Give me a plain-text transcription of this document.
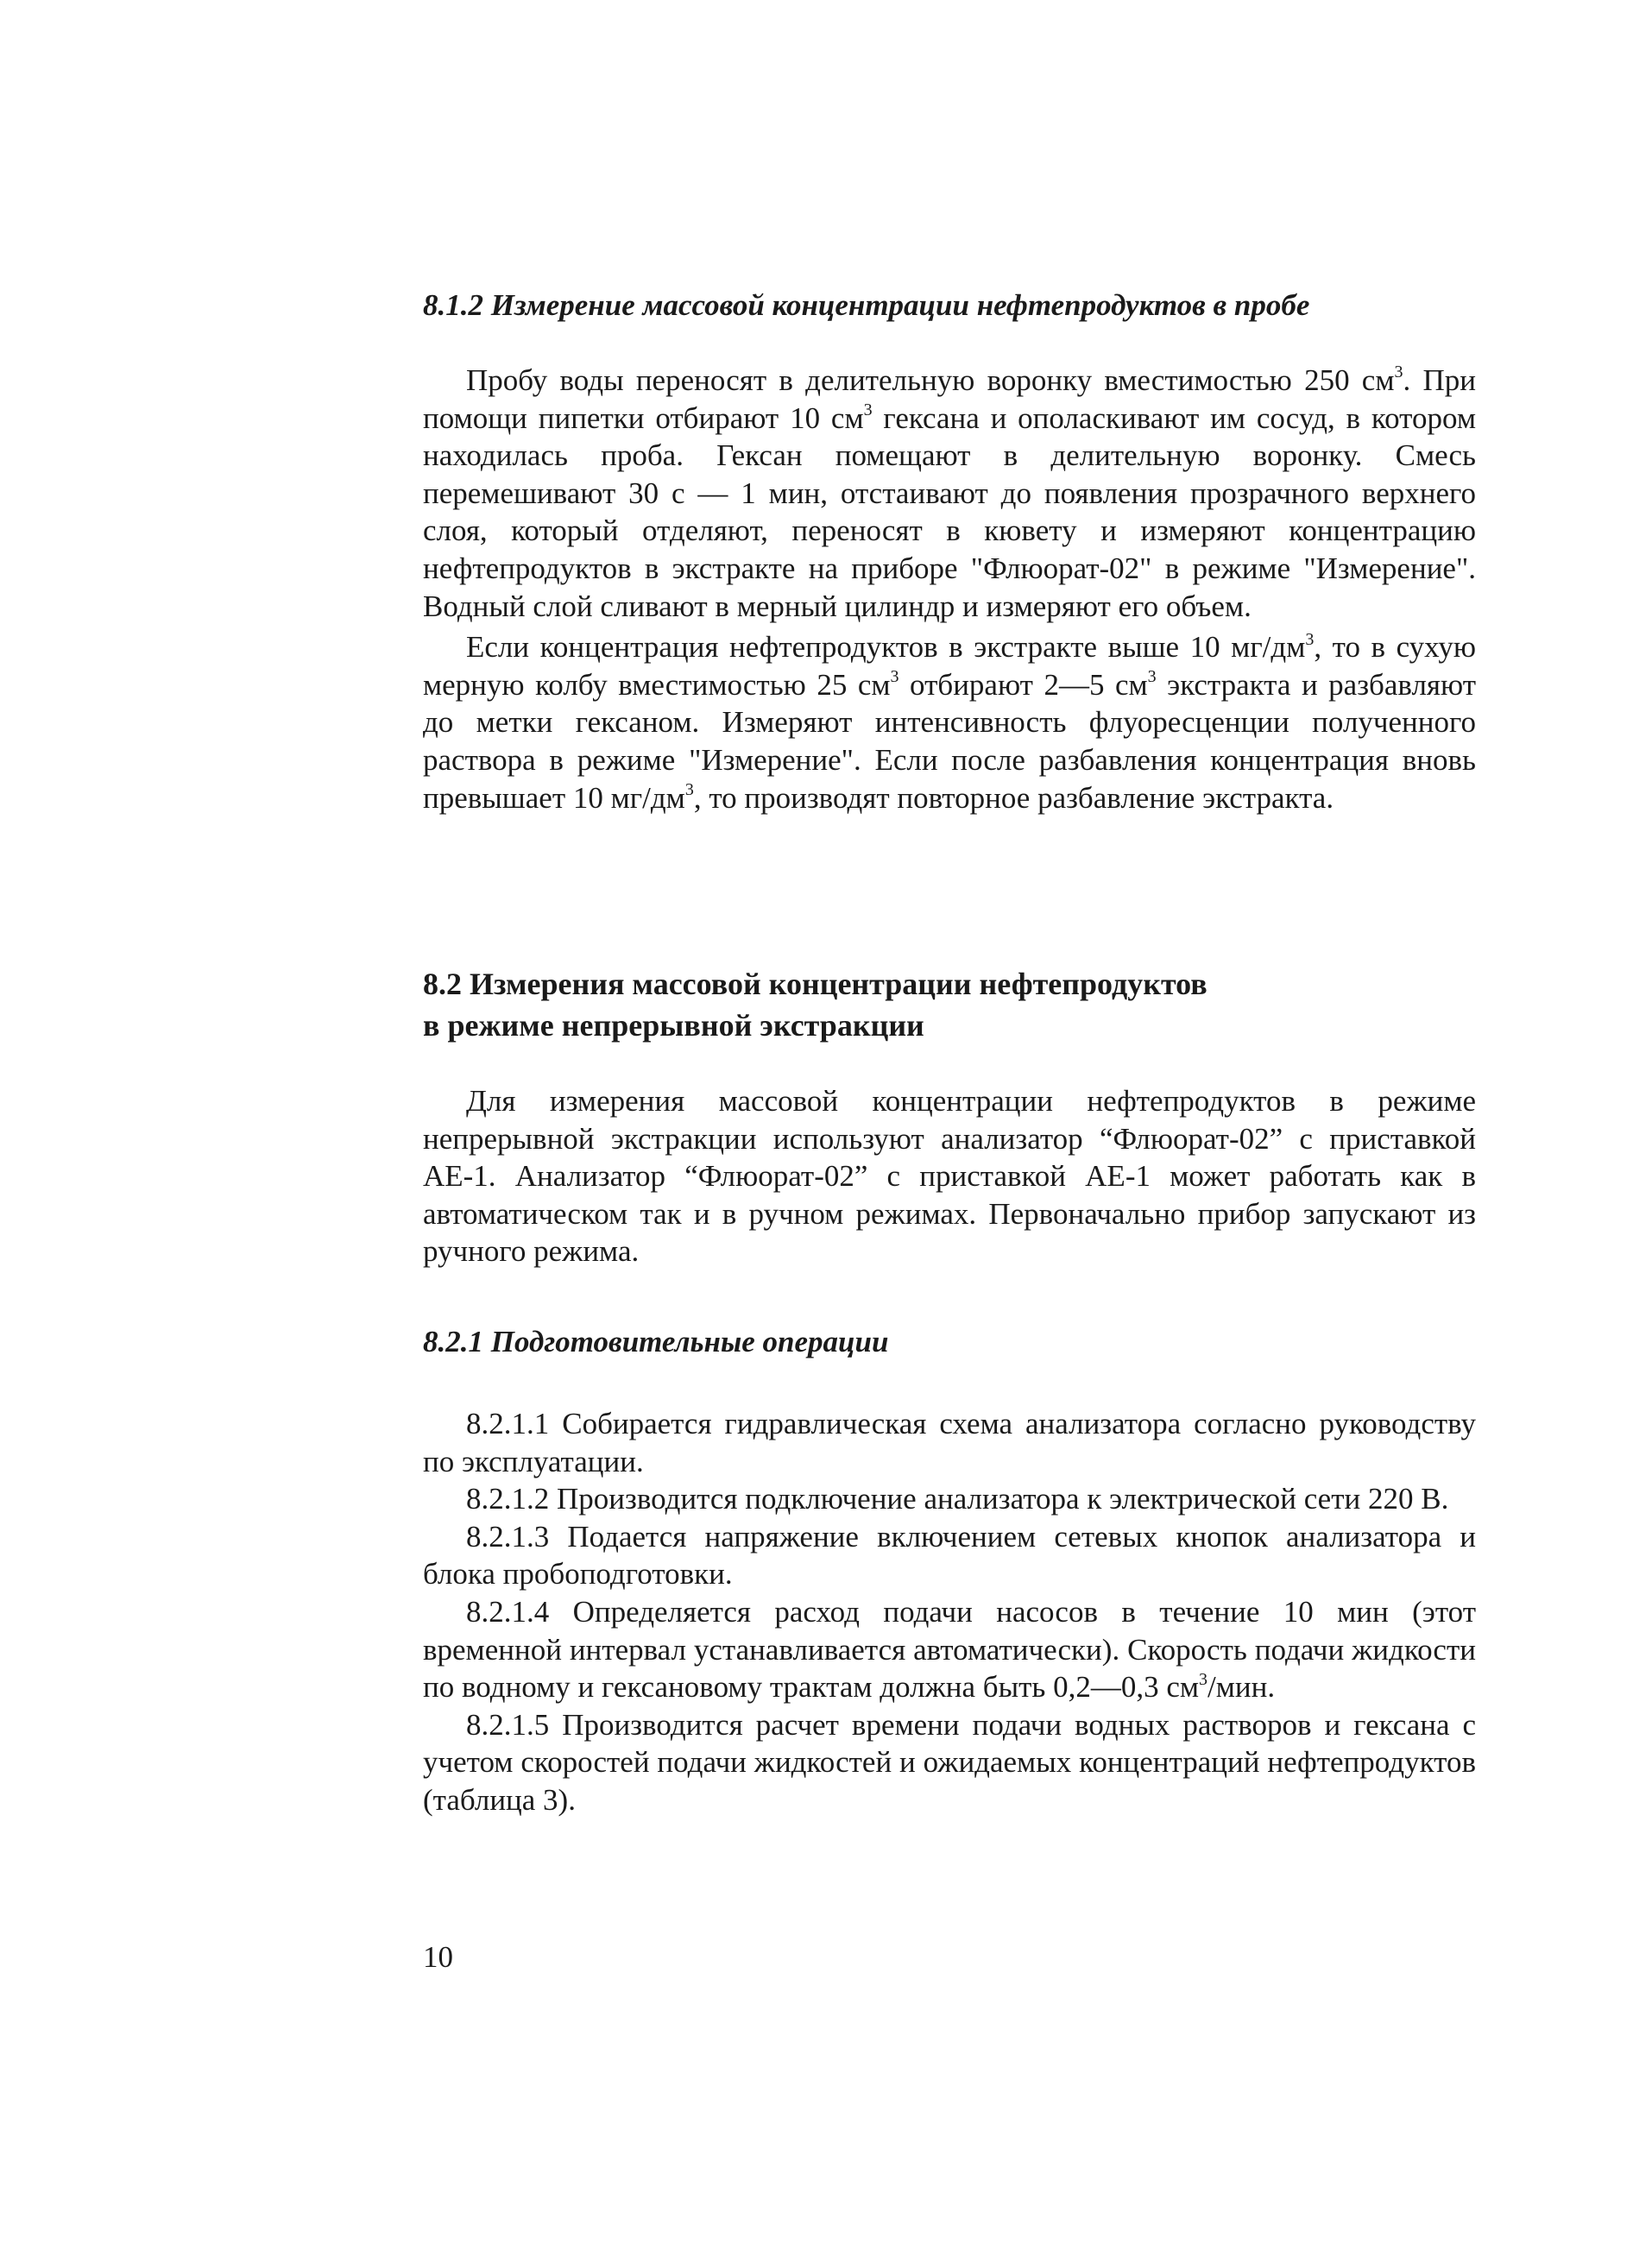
8.1.2 Измерение массовой концентрации нефтепродуктов в пробе

Пробу воды переносят в делительную воронку вместимостью 250 $см^3$. При помощи пипетки отбирают 10 $см^3$ гексана и ополаскивают им сосуд, в котором находилась проба. Гексан помещают в делительную воронку. Смесь перемешивают 30 с — 1 мин, отстаивают до появления прозрачного верхнего слоя, который отделяют, переносят в кювету и измеряют концентрацию нефтепродуктов в экстракте на приборе "Флюорат-02" в режиме "Измерение". Водный слой сливают в мерный цилиндр и измеряют его объем.

Если концентрация нефтепродуктов в экстракте выше 10 $мг/дм^3$, то в сухую мерную колбу вместимостью 25 $см^3$ отбирают 2—5 $см^3$ экстракта и разбавляют до метки гексаном. Измеряют интенсивность флуоресценции полученного раствора в режиме "Измерение". Если после разбавления концентрация вновь превышает 10 $мг/дм^3$, то производят повторное разбавление экстракта.

8.2 Измерения массовой концентрации нефтепродуктов

в режиме непрерывной экстракции

Для измерения массовой концентрации нефтепродуктов в режиме непрерывной экстракции используют анализатор “Флюорат-02” с приставкой АЕ-1. Анализатор “Флюорат-02” с приставкой АЕ-1 может работать как в автоматическом так и в ручном режимах. Первоначально прибор запускают из ручного режима.

8.2.1 Подготовительные операции

8.2.1.1 Собирается гидравлическая схема анализатора согласно руководству по эксплуатации.

8.2.1.2 Производится подключение анализатора к электрической сети 220 В.

8.2.1.3 Подается напряжение включением сетевых кнопок анализатора и блока пробоподготовки.

8.2.1.4 Определяется расход подачи насосов в течение 10 мин (этот временной интервал устанавливается автоматически). Скорость подачи жидкости по водному и гексановому трактам должна быть 0,2—0,3 $см^3$/мин.

8.2.1.5 Производится расчет времени подачи водных растворов и гексана с учетом скоростей подачи жидкостей и ожидаемых концентраций нефтепродуктов (таблица 3).

10
